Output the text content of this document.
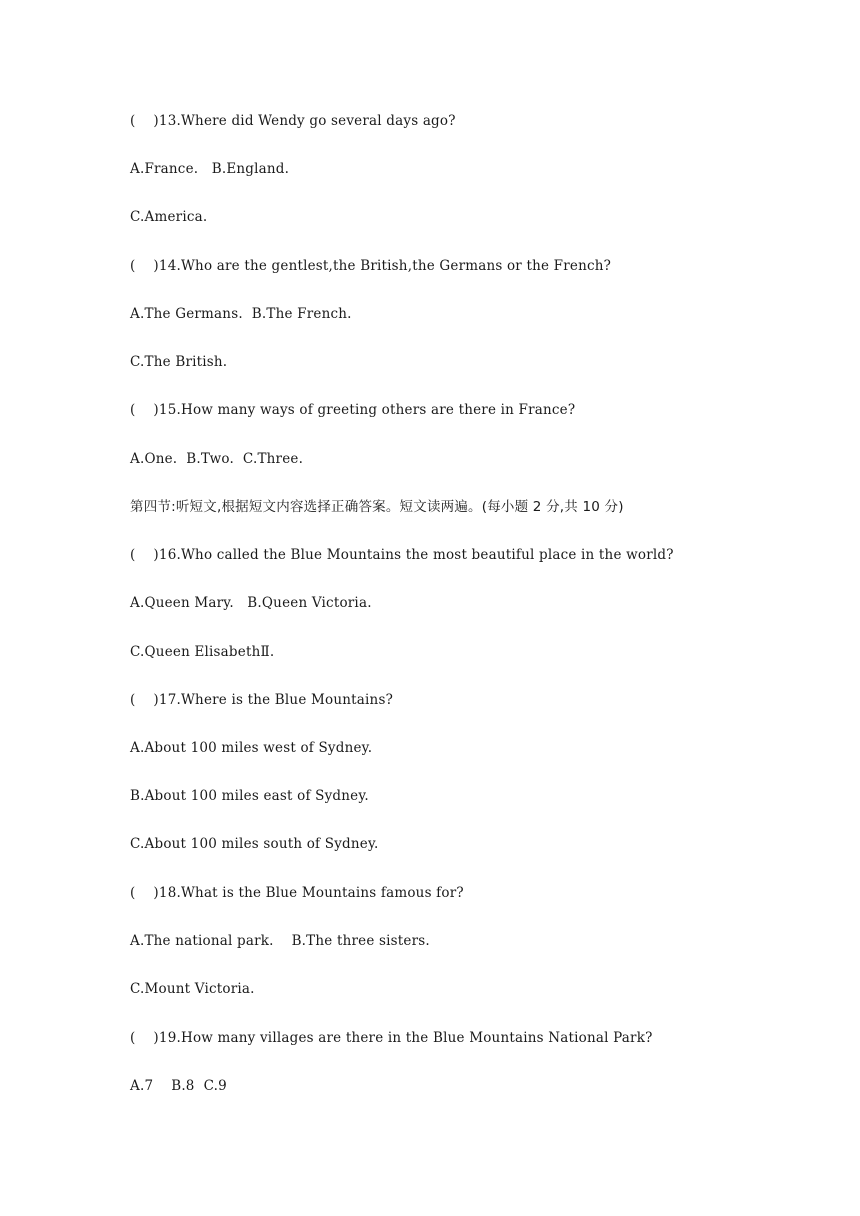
(    )13.Where did Wendy go several days ago?
A.France.   B.England.
C.America.
(    )14.Who are the gentlest,the British,the Germans or the French?
A.The Germans.  B.The French.
C.The British.
(    )15.How many ways of greeting others are there in France?
A.One.  B.Two.  C.Three.
第四节:听短文,根据短文内容选择正确答案。短文读两遍。(每小题 2 分,共 10 分)
(    )16.Who called the Blue Mountains the most beautiful place in the world?
A.Queen Mary.   B.Queen Victoria.
C.Queen ElisabethⅡ.
(    )17.Where is the Blue Mountains?
A.About 100 miles west of Sydney.
B.About 100 miles east of Sydney.
C.About 100 miles south of Sydney.
(    )18.What is the Blue Mountains famous for?
A.The national park.    B.The three sisters.
C.Mount Victoria.
(    )19.How many villages are there in the Blue Mountains National Park?
A.7    B.8  C.9
